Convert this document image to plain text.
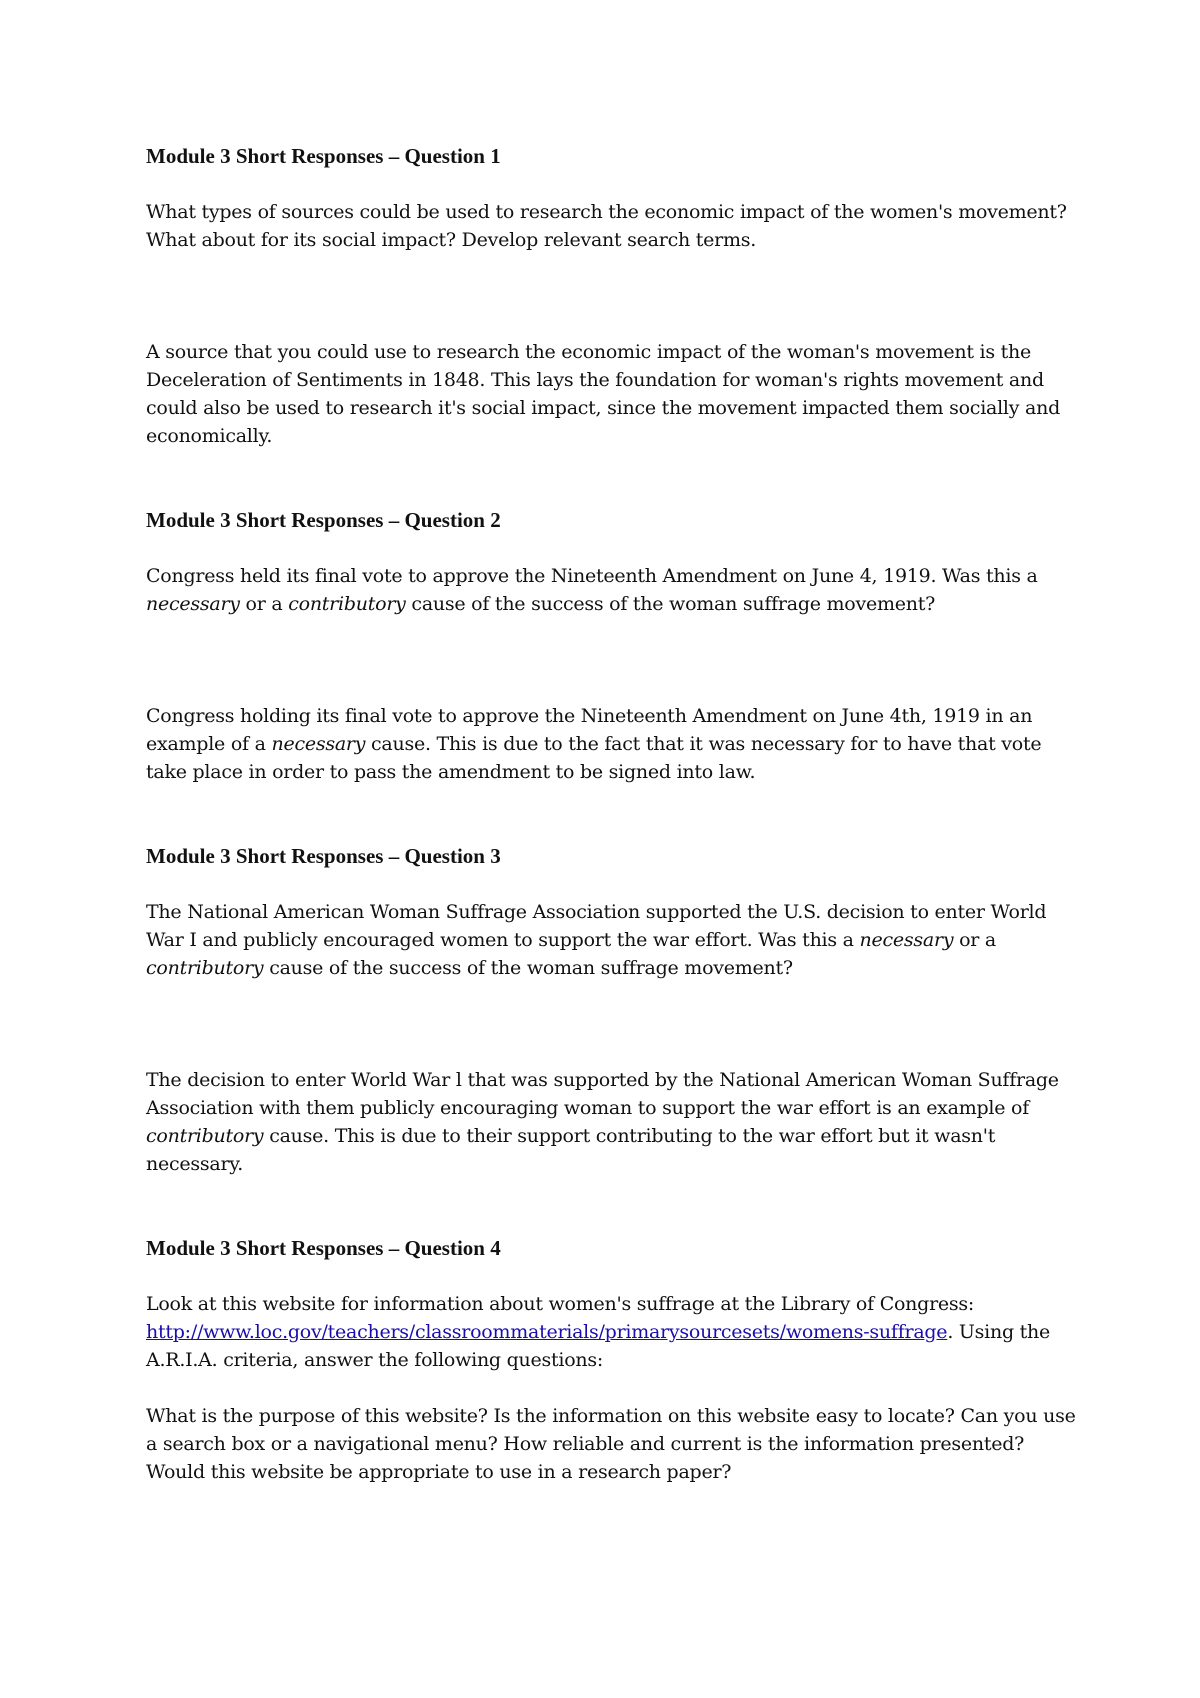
Module 3 Short Responses – Question 1

What types of sources could be used to research the economic impact of the women's movement? What about for its social impact? Develop relevant search terms.

A source that you could use to research the economic impact of the woman's movement is the Deceleration of Sentiments in 1848. This lays the foundation for woman's rights movement and could also be used to research it's social impact, since the movement impacted them socially and economically.

Module 3 Short Responses – Question 2

Congress held its final vote to approve the Nineteenth Amendment on June 4, 1919. Was this a necessary or a contributory cause of the success of the woman suffrage movement?

Congress holding its final vote to approve the Nineteenth Amendment on June 4th, 1919 in an example of a necessary cause. This is due to the fact that it was necessary for to have that vote take place in order to pass the amendment to be signed into law.

Module 3 Short Responses – Question 3

The National American Woman Suffrage Association supported the U.S. decision to enter World War I and publicly encouraged women to support the war effort. Was this a necessary or a contributory cause of the success of the woman suffrage movement?

The decision to enter World War l that was supported by the National American Woman Suffrage Association with them publicly encouraging woman to support the war effort is an example of contributory cause. This is due to their support contributing to the war effort but it wasn't necessary.

Module 3 Short Responses – Question 4

Look at this website for information about women's suffrage at the Library of Congress: http://www.loc.gov/teachers/classroommaterials/primarysourcesets/womens-suffrage. Using the A.R.I.A. criteria, answer the following questions:

What is the purpose of this website? Is the information on this website easy to locate? Can you use a search box or a navigational menu? How reliable and current is the information presented? Would this website be appropriate to use in a research paper?
